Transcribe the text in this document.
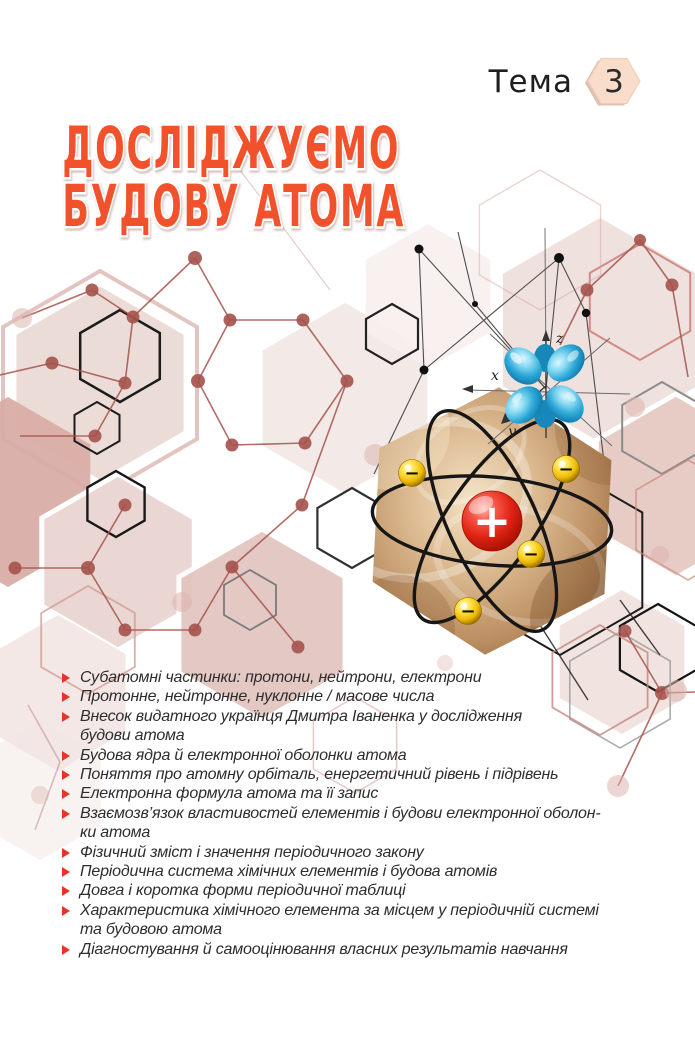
−	−
−
−
+
z
x
y
Тема 3
ДОСЛІДЖУЄМО
БУДОВУ АТОМА
Субатомні частинки: протони, нейтрони, електрони
Протонне, нейтронне, нуклонне / масове числа
Внесок видатного українця Дмитра Іваненка у дослідження
будови атома
Будова ядра й електронної оболонки атома
Поняття про атомну орбіталь, енергетичний рівень і підрівень
Електронна формула атома та її запис
Взаємозв’язок властивостей елементів і будови електронної оболон-
ки атома
Фізичний зміст і значення періодичного закону
Періодична система хімічних елементів і будова атомів
Довга і коротка форми періодичної таблиці
Характеристика хімічного елемента за місцем у періодичній системі
та будовою атома
Діагностування й самооцінювання власних результатів навчання
